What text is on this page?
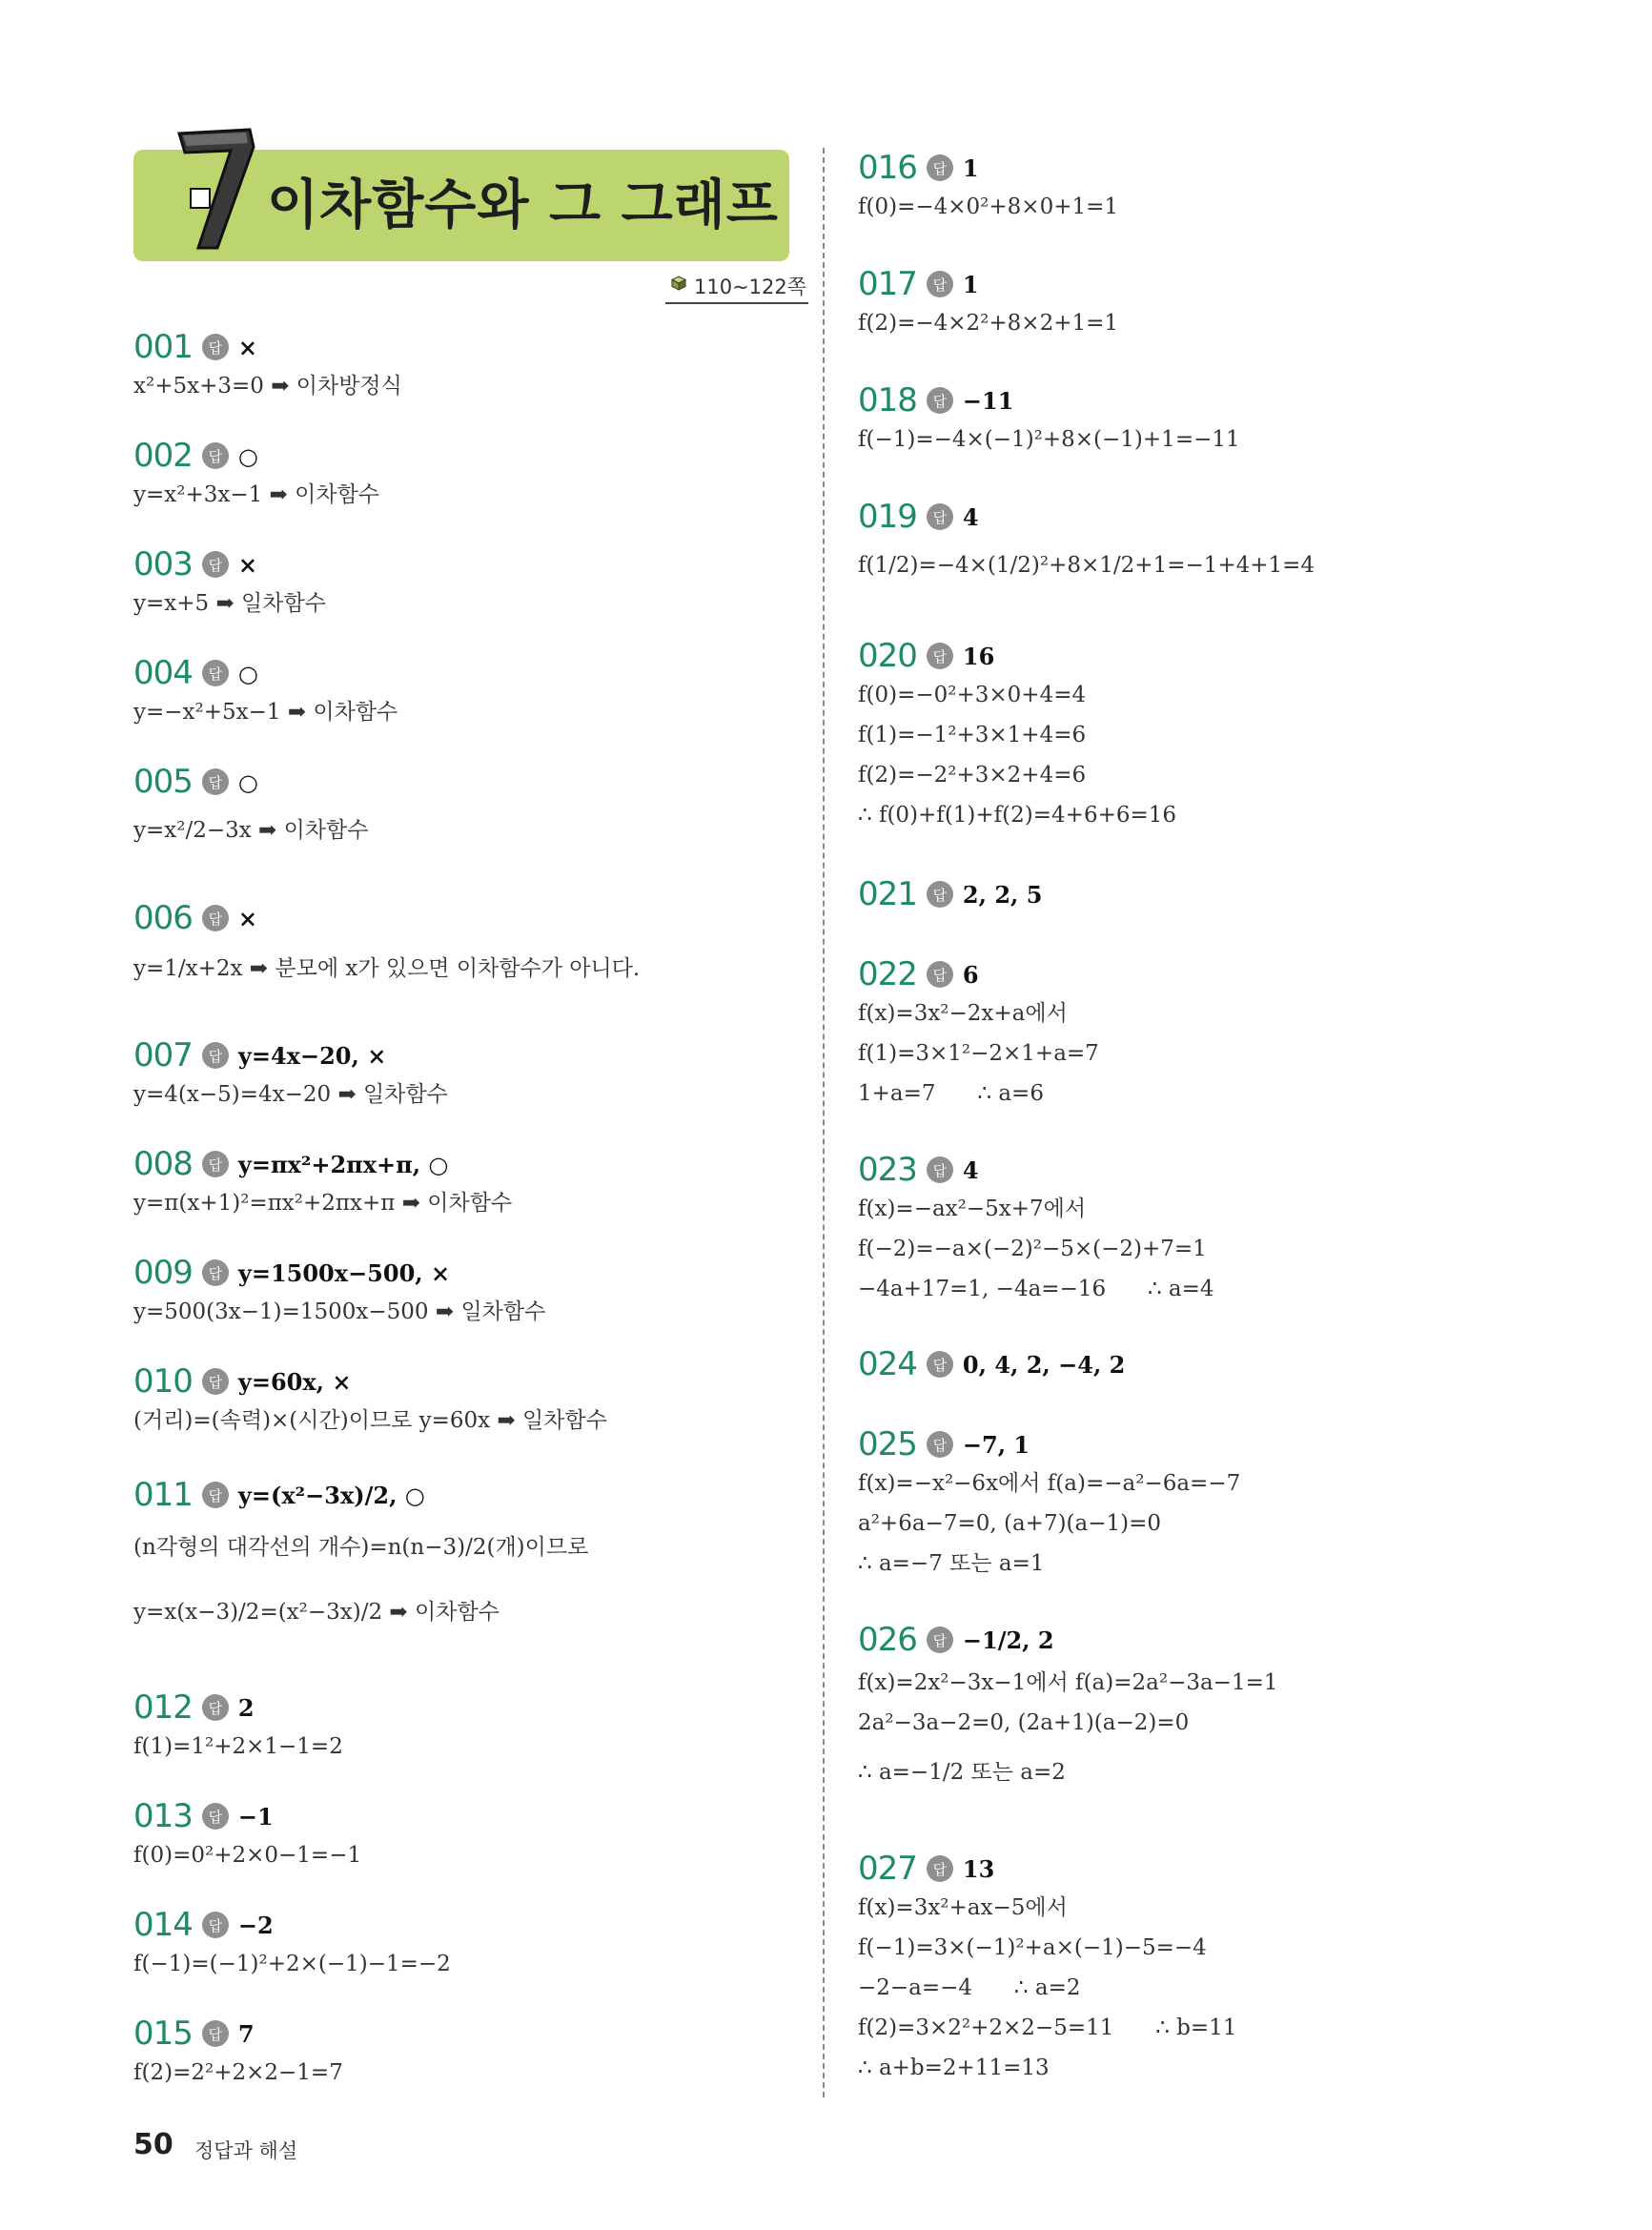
이차함수와 그 그래프
110~122쪽
001	답 ×
x²+5x+3=0 ➡ 이차방정식
002	답 ○
y=x²+3x−1 ➡ 이차함수
003	답 ×
y=x+5 ➡ 일차함수
004	답 ○
y=−x²+5x−1 ➡ 이차함수
005	답 ○
y=x²/2−3x ➡ 이차함수
006	답 ×
y=1/x+2x ➡ 분모에 x가 있으면 이차함수가 아니다.
007	답 y=4x−20, ×
y=4(x−5)=4x−20 ➡ 일차함수
008	답 y=πx²+2πx+π, ○
y=π(x+1)²=πx²+2πx+π ➡ 이차함수
009	답 y=1500x−500, ×
y=500(3x−1)=1500x−500 ➡ 일차함수
010	답 y=60x, ×
(거리)=(속력)×(시간)이므로 y=60x ➡ 일차함수
011	답 y=(x²−3x)/2, ○
(n각형의 대각선의 개수)=n(n−3)/2(개)이므로
y=x(x−3)/2=(x²−3x)/2 ➡ 이차함수
012	답 2
f(1)=1²+2×1−1=2
013	답 −1
f(0)=0²+2×0−1=−1
014	답 −2
f(−1)=(−1)²+2×(−1)−1=−2
015	답 7
f(2)=2²+2×2−1=7
016	답 1
f(0)=−4×0²+8×0+1=1
017	답 1
f(2)=−4×2²+8×2+1=1
018	답 −11
f(−1)=−4×(−1)²+8×(−1)+1=−11
019	답 4
f(1/2)=−4×(1/2)²+8×1/2+1=−1+4+1=4
020	답 16
f(0)=−0²+3×0+4=4
f(1)=−1²+3×1+4=6
f(2)=−2²+3×2+4=6
∴ f(0)+f(1)+f(2)=4+6+6=16
021	답 2, 2, 5
022	답 6
f(x)=3x²−2x+a에서
f(1)=3×1²−2×1+a=7
1+a=7      ∴ a=6
023	답 4
f(x)=−ax²−5x+7에서
f(−2)=−a×(−2)²−5×(−2)+7=1
−4a+17=1, −4a=−16      ∴ a=4
024	답 0, 4, 2, −4, 2
025	답 −7, 1
f(x)=−x²−6x에서 f(a)=−a²−6a=−7
a²+6a−7=0, (a+7)(a−1)=0
∴ a=−7 또는 a=1
026	답 −1/2, 2
f(x)=2x²−3x−1에서 f(a)=2a²−3a−1=1
2a²−3a−2=0, (2a+1)(a−2)=0
∴ a=−1/2 또는 a=2
027	답 13
f(x)=3x²+ax−5에서
f(−1)=3×(−1)²+a×(−1)−5=−4
−2−a=−4      ∴ a=2
f(2)=3×2²+2×2−5=11      ∴ b=11
∴ a+b=2+11=13
50 정답과 해설
